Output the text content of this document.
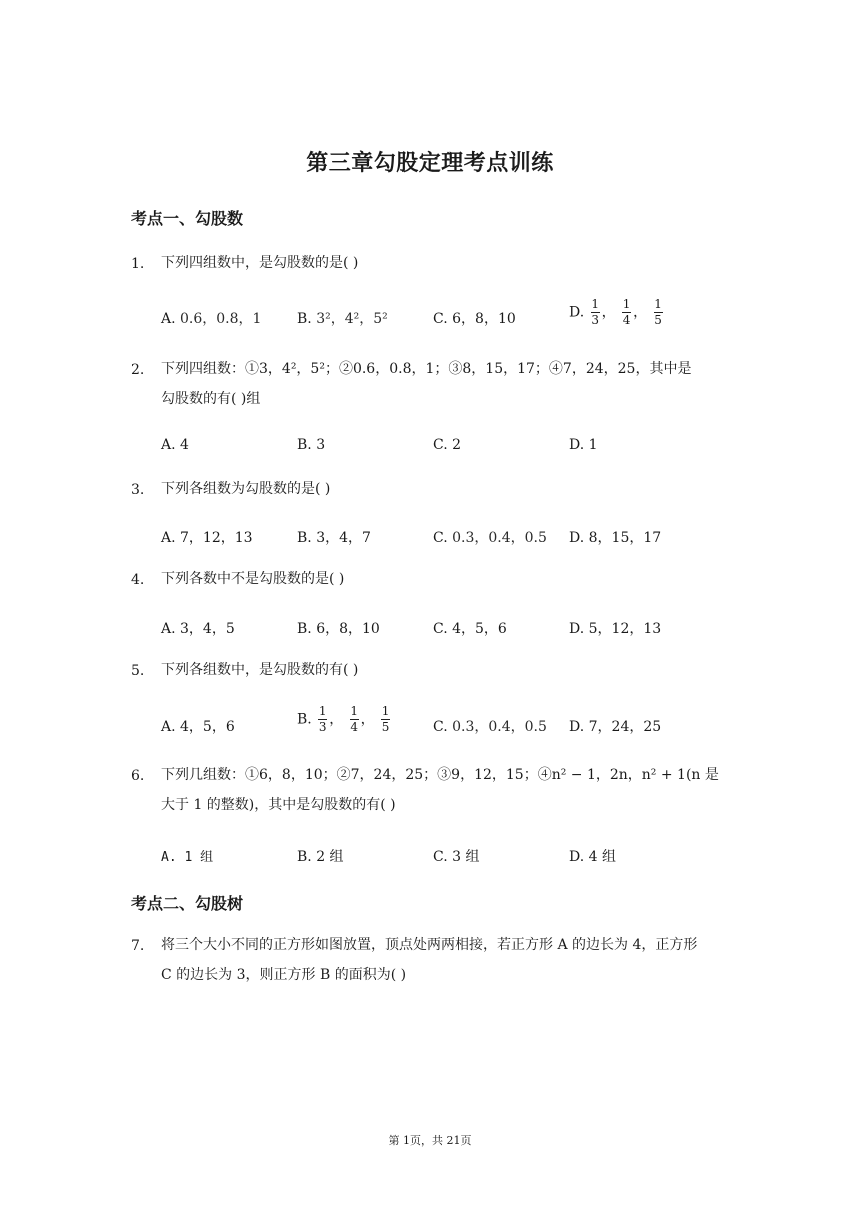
第三章勾股定理考点训练
考点一、勾股数
1. 下列四组数中，是勾股数的是( )
A. 0.6，0.8，1	B. 3²，4²，5²	C. 6，8，10	D. $\frac{1}{3}$ ， $\frac{1}{4}$ ， $\frac{1}{5}$
2. 下列四组数：①3，4²，5²；②0.6，0.8，1；③8，15，17；④7，24，25，其中是
勾股数的有( )组
A. 4	B. 3	C. 2	D. 1
3. 下列各组数为勾股数的是( )
A. 7，12，13	B. 3，4，7	C. 0.3，0.4，0.5 D. 8，15，17
4. 下列各数中不是勾股数的是( )
A. 3，4，5	B. 6，8，10	C. 4，5，6	D. 5，12，13
5. 下列各组数中，是勾股数的有( )
A. 4，5，6	B. $\frac{1}{3}$ ， $\frac{1}{4}$ ， $\frac{1}{5}$	C. 0.3，0.4，0.5 D. 7，24，25
6. 下列几组数：①6，8，10；②7，24，25；③9，12，15；④n² − 1，2n，n² + 1(n 是
大于 1 的整数)，其中是勾股数的有( )
A. 1 组	B. 2 组	C. 3 组	D. 4 组
考点二、勾股树
7. 将三个大小不同的正方形如图放置，顶点处两两相接，若正方形 A 的边长为 4，正方形
C 的边长为 3，则正方形 B 的面积为( )
第 1页，共 21页
